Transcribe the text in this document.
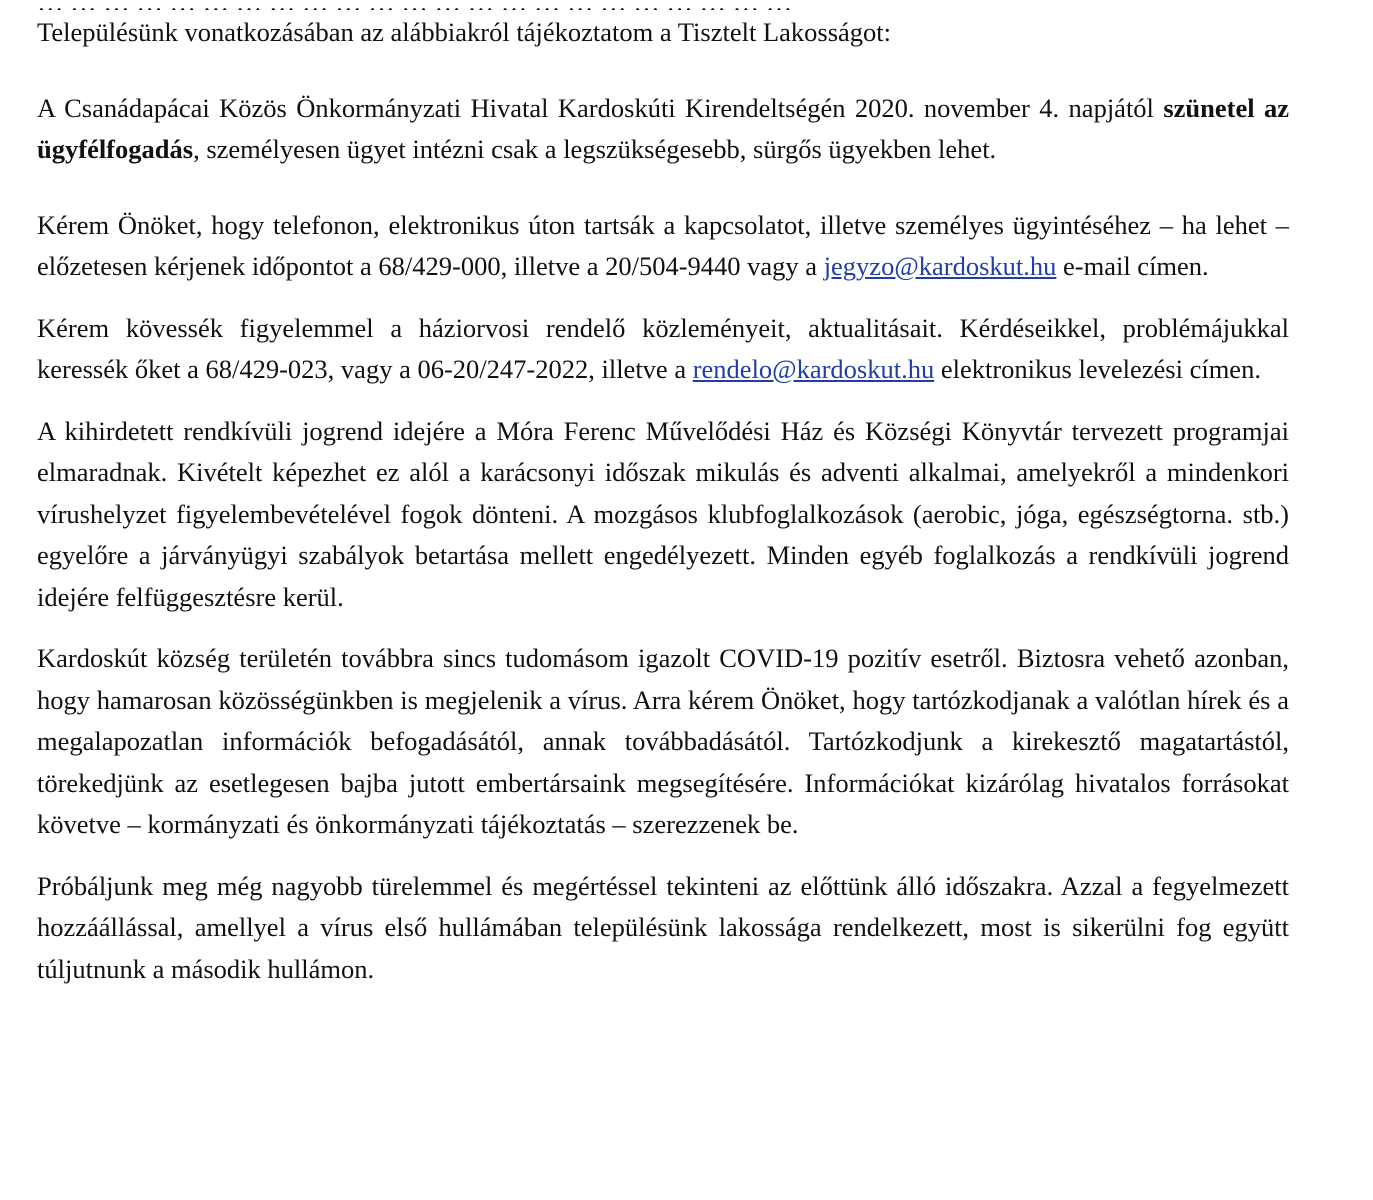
Településünk vonatkozásában az alábbiakról tájékoztatom a Tisztelt Lakosságot:

A Csanádapácai Közös Önkormányzati Hivatal Kardoskúti Kirendeltségén 2020. november 4. napjától szünetel az ügyfélfogadás, személyesen ügyet intézni csak a legszükségesebb, sürgős ügyekben lehet.

Kérem Önöket, hogy telefonon, elektronikus úton tartsák a kapcsolatot, illetve személyes ügyintéséhez – ha lehet – előzetesen kérjenek időpontot a 68/429-000, illetve a 20/504-9440 vagy a jegyzo@kardoskut.hu e-mail címen.

Kérem kövessék figyelemmel a háziorvosi rendelő közleményeit, aktualitásait. Kérdéseikkel, problémájukkal keressék őket a 68/429-023, vagy a 06-20/247-2022, illetve a rendelo@kardoskut.hu elektronikus levelezési címen.

A kihirdetett rendkívüli jogrend idejére a Móra Ferenc Művelődési Ház és Községi Könyvtár tervezett programjai elmaradnak. Kivételt képezhet ez alól a karácsonyi időszak mikulás és adventi alkalmai, amelyekről a mindenkori vírushelyzet figyelembevételével fogok dönteni. A mozgásos klubfoglalkozások (aerobic, jóga, egészségtorna. stb.) egyelőre a járványügyi szabályok betartása mellett engedélyezett. Minden egyéb foglalkozás a rendkívüli jogrend idejére felfüggesztésre kerül.

Kardoskút község területén továbbra sincs tudomásom igazolt COVID-19 pozitív esetről. Biztosra vehető azonban, hogy hamarosan közösségünkben is megjelenik a vírus. Arra kérem Önöket, hogy tartózkodjanak a valótlan hírek és a megalapozatlan információk befogadásától, annak továbbadásától. Tartózkodjunk a kirekesztő magatartástól, törekedjünk az esetlegesen bajba jutott embertársaink megsegítésére. Információkat kizárólag hivatalos forrásokat követve – kormányzati és önkormányzati tájékoztatás – szerezzenek be.

Próbáljunk meg még nagyobb türelemmel és megértéssel tekinteni az előttünk álló időszakra. Azzal a fegyelmezett hozzáállással, amellyel a vírus első hullámában településünk lakossága rendelkezett, most is sikerülni fog együtt túljutnunk a második hullámon.
